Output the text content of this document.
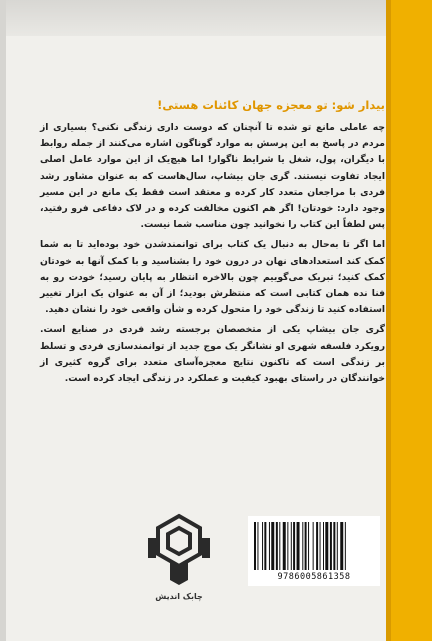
بیدار شو: تو معجزه جهان کائنات هستی!

چه عاملی مانع تو شده تا آنچنان که دوست داری زندگی نکنی؟ بسیاری از مردم در پاسخ به این پرسش به موارد گوناگون اشاره می‌کنند از جمله روابط با دیگران، پول، شغل یا شرایط ناگوار! اما هیچ‌یک از این موارد عامل اصلی ایجاد تفاوت نیستند. گری جان بیشاپ، سال‌هاست که به عنوان مشاور رشد فردی با مراجعان متعدد کار کرده و معتقد است فقط یک مانع در این مسیر وجود دارد: خودتان! اگر هم اکنون مخالفت کرده و در لاک دفاعی فرو رفتید، پس لطفاً این کتاب را نخوانید چون مناسب شما نیست.

اما اگر تا به‌حال به دنبال یک کتاب برای توانمندشدن خود بوده‌اید تا به شما کمک کند استعدادهای نهان در درون خود را بشناسید و با کمک آنها به خودتان کمک کنید؛ تبریک می‌گوییم چون بالاخره انتظار به پایان رسید؛ خودت رو به فنا نده همان کتابی است که منتظرش بودید؛ از آن به عنوان یک ابزار تغییر استفاده کنید تا زندگی خود را متحول کرده و شأن واقعی خود را نشان دهید.

گری جان بیشاپ یکی از متخصصان برجسته رشد فردی در صنایع است. رویکرد فلسفه شهری او نشانگر یک موج جدید از توانمندسازی فردی و تسلط بر زندگی است که تاکنون نتایج معجزه‌آسای متعدد برای گروه کثیری از خوانندگان در راستای بهبود کیفیت و عملکرد در زندگی ایجاد کرده است.

چابک اندیش
9786005861358
